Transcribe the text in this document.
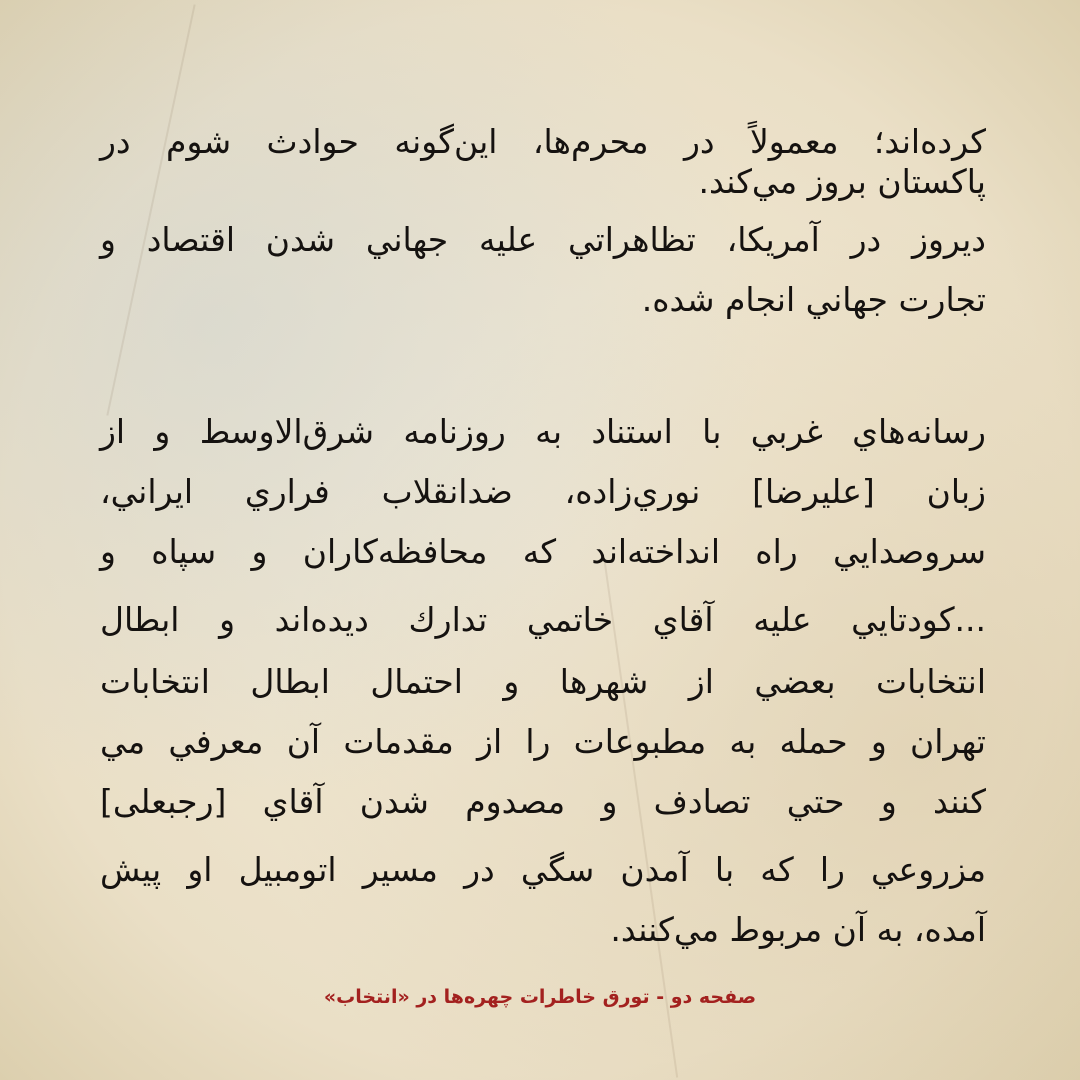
کرده‌اند؛ معمولاً در محرم‌ها، این‌گونه حوادث شوم در
پاکستان بروز مي‌کند.
ديروز در آمريکا، تظاهراتي عليه جهاني شدن اقتصاد و
تجارت جهاني انجام شده.
رسانه‌هاي غربي با استناد به روزنامه شرق‌الاوسط و از
زبان [عليرضا] نوري‌زاده، ضدانقلاب فراري ايراني،
سروصدايي راه انداخته‌اند که محافظه‌کاران و سپاه و
...کودتايي عليه آقاي خاتمي تدارك ديده‌اند و ابطال
انتخابات بعضي از شهرها و احتمال ابطال انتخابات
تهران و حمله به مطبوعات را از مقدمات آن معرفي مي
کنند و حتي تصادف و مصدوم شدن آقاي [رجبعلى]
مزروعي را که با آمدن سگي در مسير اتومبيل او پيش
آمده، به آن مربوط مي‌کنند.
صفحه دو - تورق خاطرات چهره‌ها در «انتخاب»
